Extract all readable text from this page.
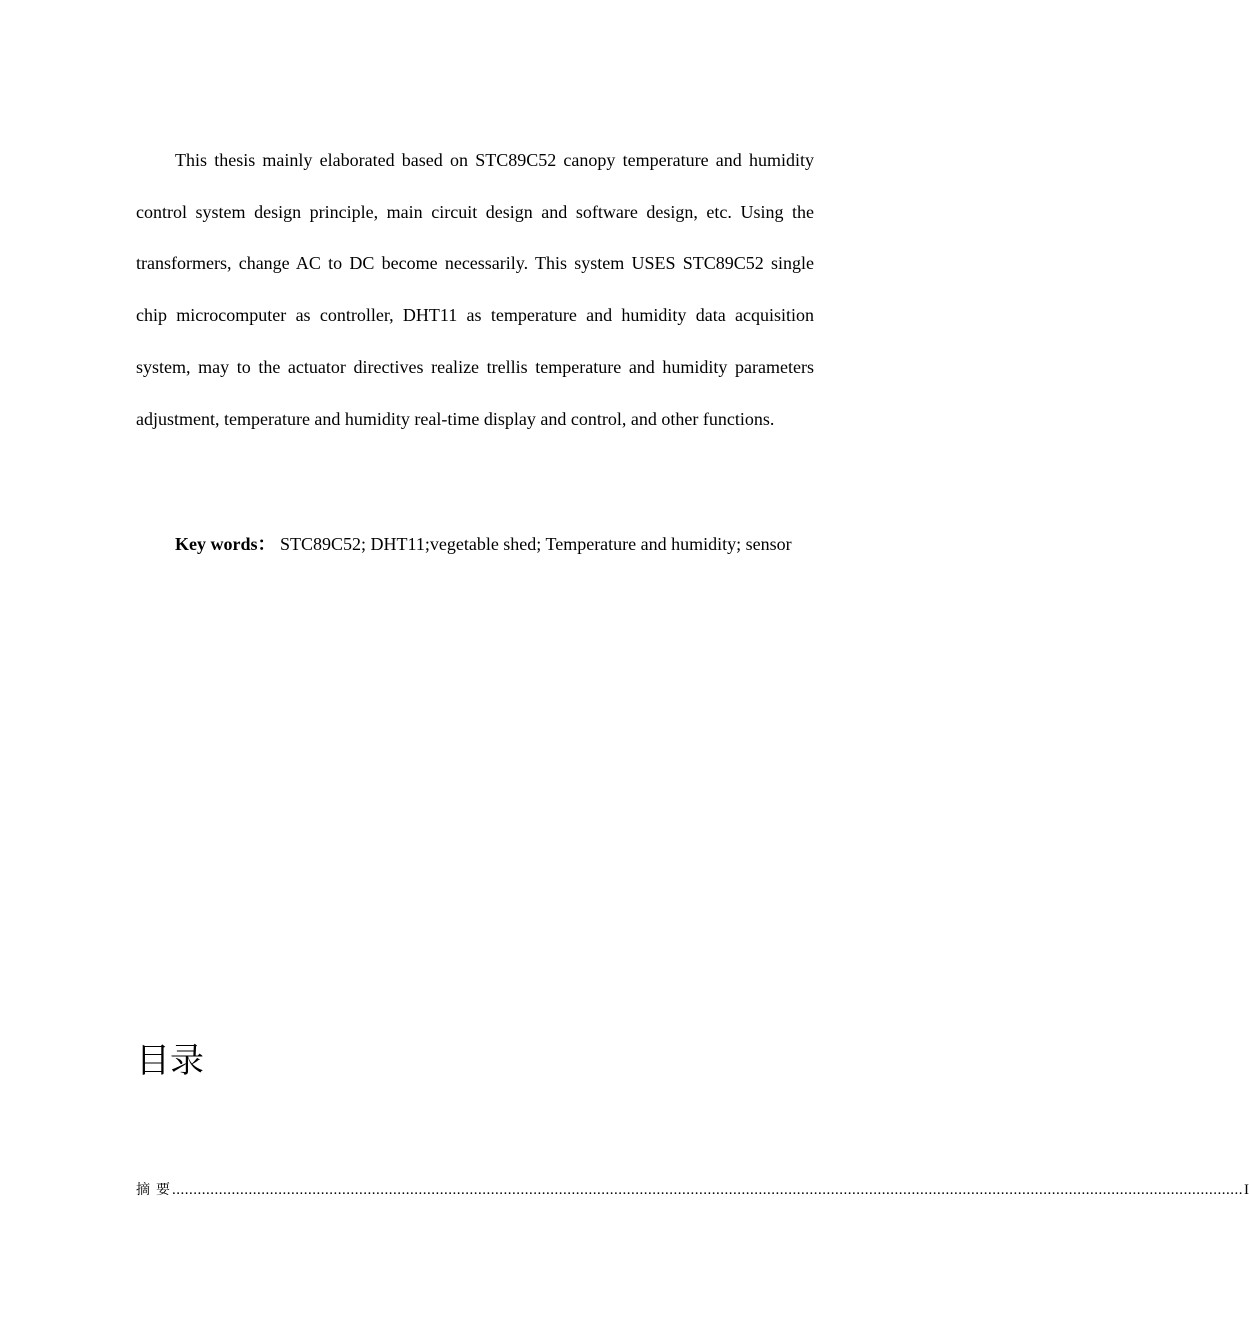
This thesis mainly elaborated based on STC89C52 canopy temperature and humidity control system design principle, main circuit design and software design, etc. Using the transformers, change AC to DC become necessarily. This system USES STC89C52 single chip microcomputer as controller, DHT11 as temperature and humidity data acquisition system, may to the actuator directives realize trellis temperature and humidity parameters adjustment, temperature and humidity real-time display and control, and other functions.

Key words： STC89C52; DHT11;vegetable shed; Temperature and humidity; sensor

目录
摘要
............................................................................................................................................................................................................................................................ I
